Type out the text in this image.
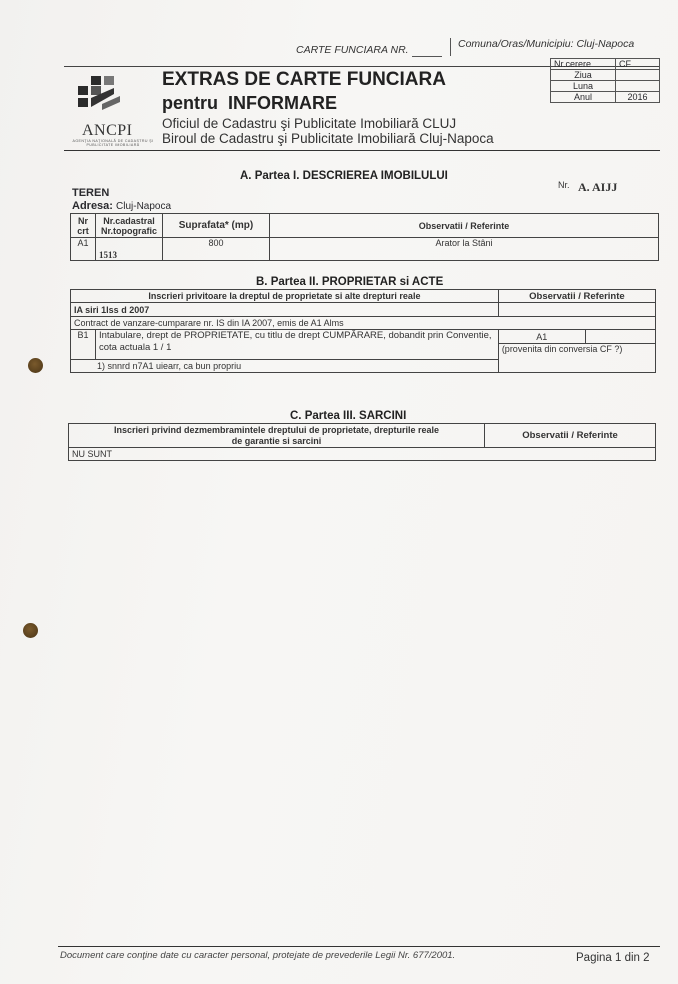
CARTE FUNCIARA NR.	Comuna/Oras/Municipiu: Cluj-Napoca
ANCPI
AGENŢIA NAŢIONALĂ DE CADASTRU ŞI PUBLICITATE IMOBILIARĂ
EXTRAS DE CARTE FUNCIARA
pentru  INFORMARE
Oficiul de Cadastru şi Publicitate Imobiliară CLUJ
Biroul de Cadastru şi Publicitate Imobiliară Cluj-Napoca
Nr.cerere	CF
Ziua	
Luna	
Anul	2016
A. Partea I. DESCRIEREA IMOBILULUI
Nr. A. AIJJ
TEREN
Adresa: Cluj-Napoca
Nr crt	Nr.cadastral Nr.topografic	Suprafata* (mp)	Observatii / Referinte
A1	1513	800	Arator la Stâni
B. Partea II. PROPRIETAR si ACTE
Inscrieri privitoare la dreptul de proprietate si alte drepturi reale		Observatii / Referinte	
IA siri 1lss d 2007			
Contract de vanzare-cumparare nr. IS din IA 2007, emis de A1 Alms			
B1	Intabulare, drept de PROPRIETATE, cu titlu de drept CUMPĂRARE, dobandit prin Conventie, cota actuala 1 / 1	A1	
		(provenita din conversia CF ?)	
1) snnrd n7A1 uiearr, ca bun propriu			
C. Partea III. SARCINI
Inscrieri privind dezmembramintele dreptului de proprietate, drepturile reale de garantie si sarcini	Observatii / Referinte
NU SUNT
Document care conţine date cu caracter personal, protejate de prevederile Legii Nr. 677/2001.	Pagina 1 din 2
